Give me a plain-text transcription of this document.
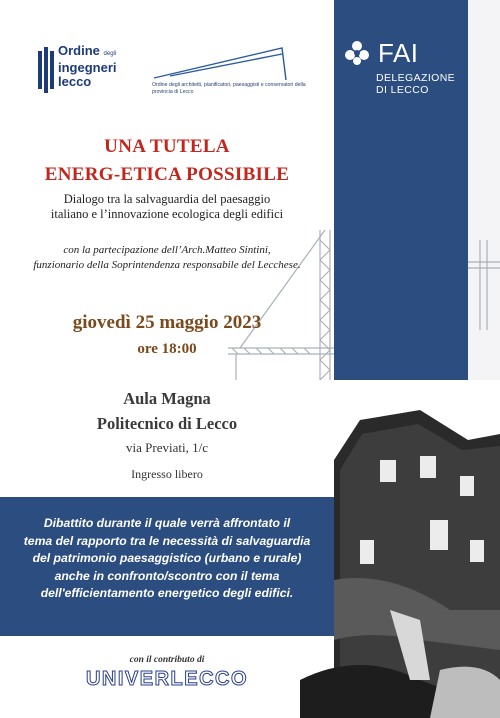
Ordine degli
ingegneri
lecco	Ordine degli architetti, pianificatori, paesaggisti e conservatori della provincia di Lecco
FAI
DELEGAZIONE
DI LECCO
UNA TUTELA
ENERG-ETICA POSSIBILE
Dialogo tra la salvaguardia del paesaggio
italiano e l’innovazione ecologica degli edifici
con la partecipazione dell’Arch.Matteo Sintini,
funzionario della Soprintendenza responsabile del Lecchese.
giovedì 25 maggio 2023
ore 18:00
Aula Magna
Politecnico di Lecco
via Previati, 1/c
Ingresso libero
Dibattito durante il quale verrà affrontato il
tema del rapporto tra le necessità di salvaguardia
del patrimonio paesaggistico (urbano e rurale)
anche in confronto/scontro con il tema
dell'efficientamento energetico degli edifici.
con il contributo di
UNIVERLECCO
